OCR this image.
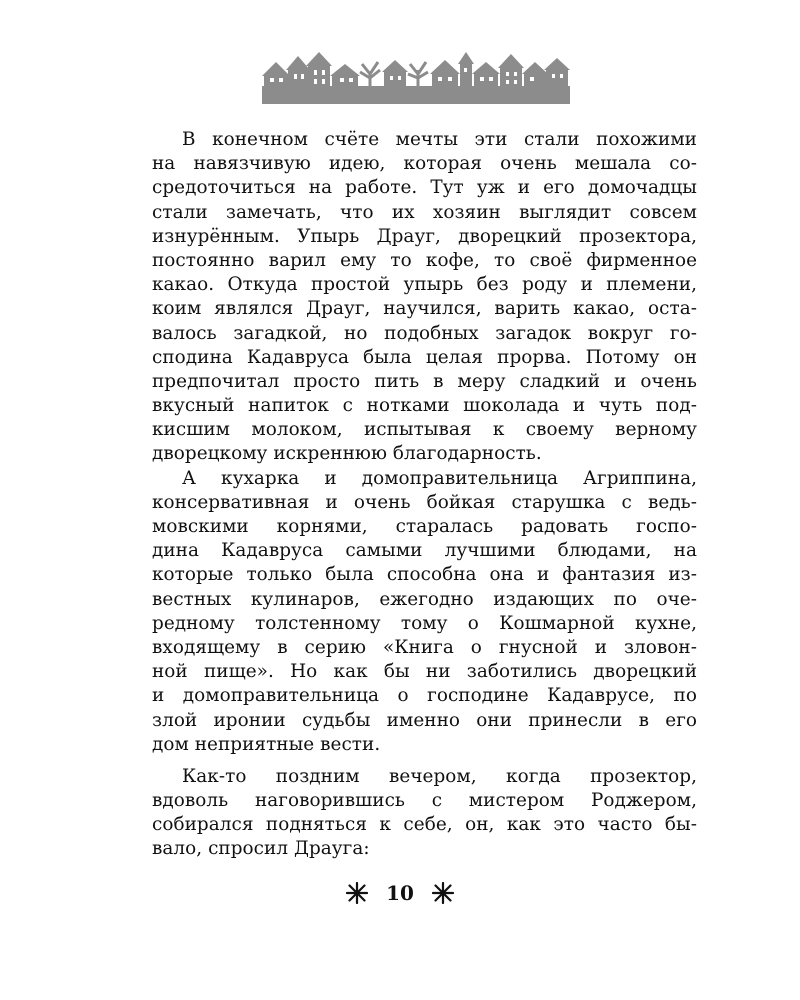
В конечном счёте мечты эти стали похожими
на навязчивую идею, которая очень мешала со-
средоточиться на работе. Тут уж и его домочадцы
стали замечать, что их хозяин выглядит совсем
изнурённым. Упырь Драуг, дворецкий прозектора,
постоянно варил ему то кофе, то своё фирменное
какао. Откуда простой упырь без роду и племени,
коим являлся Драуг, научился, варить какао, оста-
валось загадкой, но подобных загадок вокруг го-
сподина Кадавруса была целая прорва. Потому он
предпочитал просто пить в меру сладкий и очень
вкусный напиток с нотками шоколада и чуть под-
кисшим молоком, испытывая к своему верному
дворецкому искреннюю благодарность.
А кухарка и домоправительница Агриппина,
консервативная и очень бойкая старушка с ведь-
мовскими корнями, старалась радовать госпо-
дина Кадавруса самыми лучшими блюдами, на
которые только была способна она и фантазия из-
вестных кулинаров, ежегодно издающих по оче-
редному толстенному тому о Кошмарной кухне,
входящему в серию «Книга о гнусной и зловон-
ной пище». Но как бы ни заботились дворецкий
и домоправительница о господине Кадаврусе, по
злой иронии судьбы именно они принесли в его
дом неприятные вести.
Как-то поздним вечером, когда прозектор,
вдоволь наговорившись с мистером Роджером,
собирался подняться к себе, он, как это часто бы-
вало, спросил Драуга:
10
